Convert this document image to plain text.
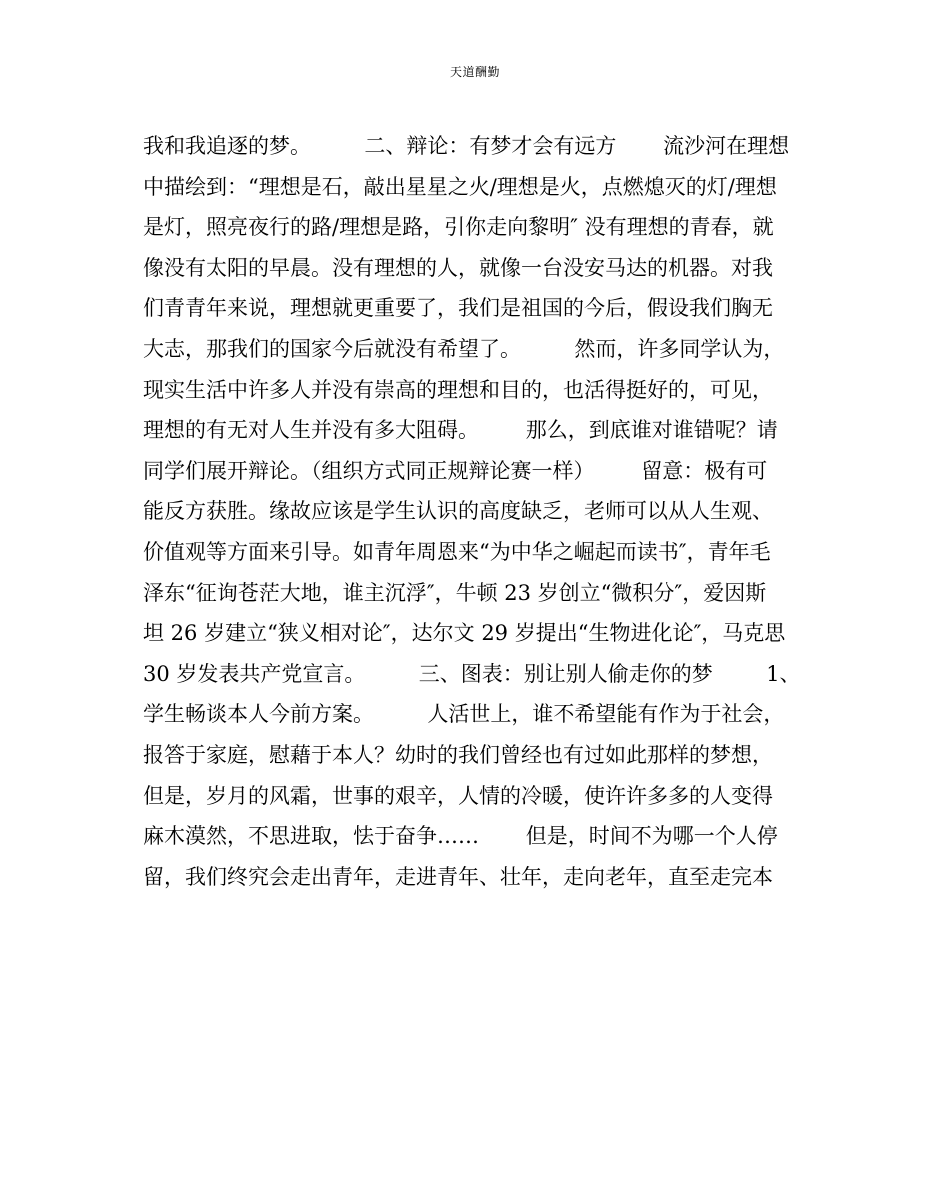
天道酬勤
我和我追逐的梦。        二、辩论：有梦才会有远方       流沙河在理想
中描绘到：“理想是石，敲出星星之火/理想是火，点燃熄灭的灯/理想
是灯，照亮夜行的路/理想是路，引你走向黎明″ 没有理想的青春，就
像没有太阳的早晨。没有理想的人，就像一台没安马达的机器。对我
们青青年来说，理想就更重要了，我们是祖国的今后，假设我们胸无
大志，那我们的国家今后就没有希望了。        然而，许多同学认为，
现实生活中许多人并没有崇高的理想和目的，也活得挺好的，可见，
理想的有无对人生并没有多大阻碍。       那么，到底谁对谁错呢？请
同学们展开辩论。（组织方式同正规辩论赛一样）       留意：极有可
能反方获胜。缘故应该是学生认识的高度缺乏，老师可以从人生观、
价值观等方面来引导。如青年周恩来“为中华之崛起而读书″，青年毛
泽东“征询苍茫大地，谁主沉浮″，牛顿 23 岁创立“微积分″，爱因斯
坦 26 岁建立“狭义相对论″，达尔文 29 岁提出“生物进化论″，马克思
30 岁发表共产党宣言。        三、图表：别让别人偷走你的梦        1、
学生畅谈本人今前方案。        人活世上，谁不希望能有作为于社会，
报答于家庭，慰藉于本人？幼时的我们曾经也有过如此那样的梦想，
但是，岁月的风霜，世事的艰辛，人情的冷暖，使许许多多的人变得
麻木漠然，不思进取，怯于奋争……       但是，时间不为哪一个人停
留，我们终究会走出青年，走进青年、壮年，走向老年，直至走完本
